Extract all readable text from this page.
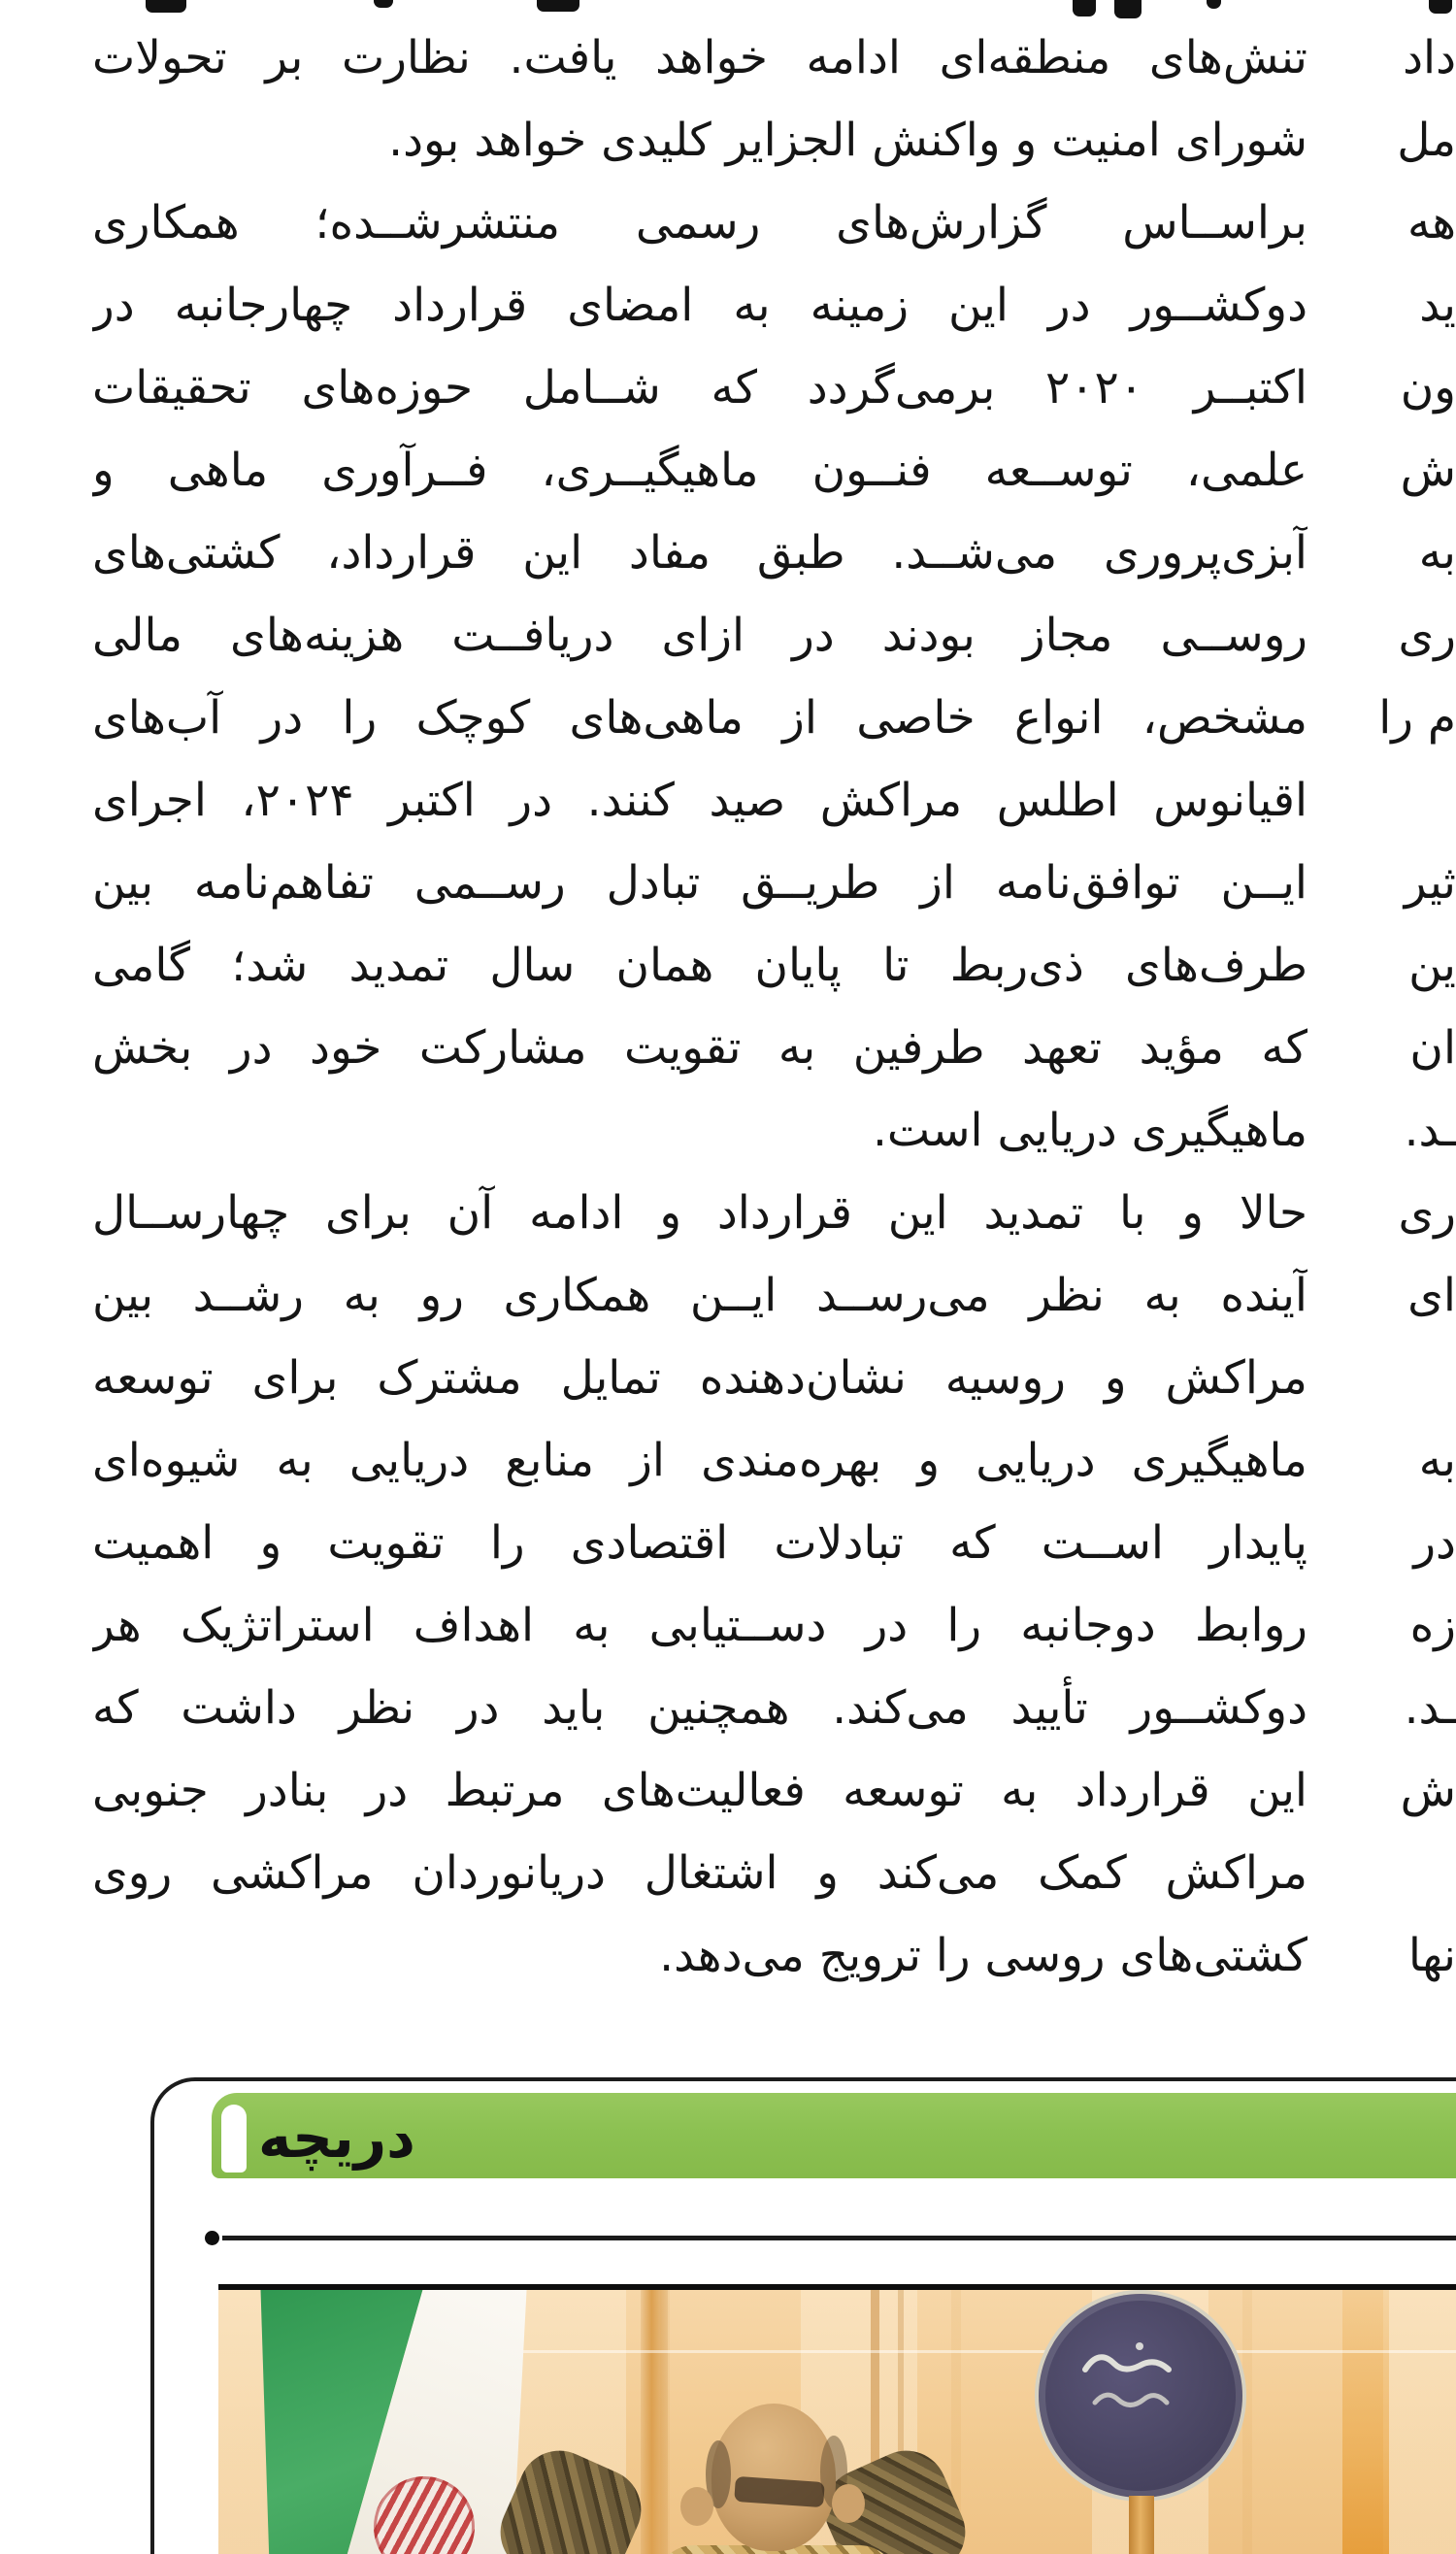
تنش‌های منطقه‌ای ادامه خواهد یافت. نظارت بر تحولات
شورای امنیت و واکنش الجزایر کلیدی خواهد بود.
براســاس گزارش‌های رسمی منتشرشــده؛ همکاری
دوکشــور در این زمینه به امضای قرارداد چهارجانبه در
اکتبــر ۲۰۲۰ برمی‌گردد که شــامل حوزه‌های تحقیقات
علمی، توســعه فنــون ماهیگیــری، فــرآوری ماهی و
آبزی‌پروری می‌شــد. طبق مفاد این قرارداد، کشتی‌های
روســی مجاز بودند در ازای دریافــت هزینه‌های مالی
مشخص، انواع خاصی از ماهی‌های کوچک را در آب‌های
اقیانوس اطلس مراکش صید کنند. در اکتبر ۲۰۲۴، اجرای
ایــن توافق‌نامه از طریــق تبادل رســمی تفاهم‌نامه بین
طرف‌های ذی‌ربط تا پایان همان سال تمدید شد؛ گامی
که مؤید تعهد طرفین به تقویت مشارکت خود در بخش
ماهیگیری دریایی است.
حالا و با تمدید این قرارداد و ادامه آن برای چهارســال
آینده به نظر می‌رســد ایــن همکاری رو به رشــد بین
مراکش و روسیه نشان‌دهنده تمایل مشترک برای توسعه
ماهیگیری دریایی و بهره‌مندی از منابع دریایی به شیوه‌ای
پایدار اســت که تبادلات اقتصادی را تقویت و اهمیت
روابط دوجانبه را در دســتیابی به اهداف استراتژیک هر
دوکشــور تأیید می‌کند. همچنین باید در نظر داشت که
این قرارداد به توسعه فعالیت‌های مرتبط در بنادر جنوبی
مراکش کمک می‌کند و اشتغال دریانوردان مراکشی روی
کشتی‌های روسی را ترویج می‌دهد.
داد
مل
هه
ید
ون
ش
به
ری
م را
ثیر
ین
ان
ـد.
ری
ای
به
در
زه
ـد.
ش
نها
دریچه
